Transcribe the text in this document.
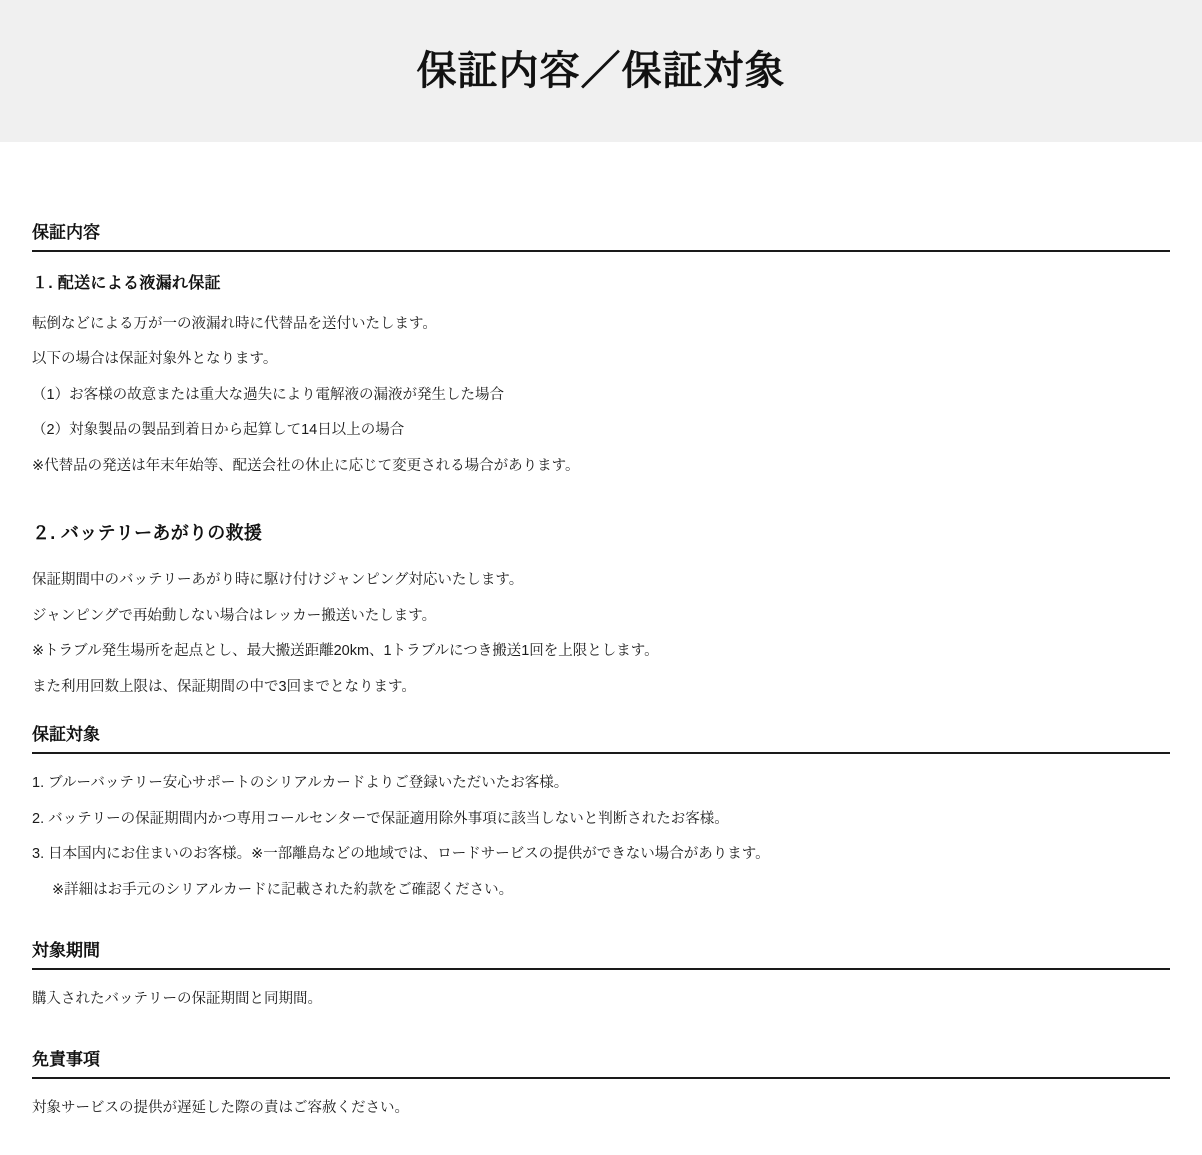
保証内容／保証対象
保証内容
１. 配送による液漏れ保証

転倒などによる万が一の液漏れ時に代替品を送付いたします。

以下の場合は保証対象外となります。

（1）お客様の故意または重大な過失により電解液の漏液が発生した場合

（2）対象製品の製品到着日から起算して14日以上の場合

※代替品の発送は年末年始等、配送会社の休止に応じて変更される場合があります。

２. バッテリーあがりの救援

保証期間中のバッテリーあがり時に駆け付けジャンピング対応いたします。

ジャンピングで再始動しない場合はレッカー搬送いたします。

※トラブル発生場所を起点とし、最大搬送距離20km、1トラブルにつき搬送1回を上限とします。

また利用回数上限は、保証期間の中で3回までとなります。

保証対象
1. ブルーバッテリー安心サポートのシリアルカードよりご登録いただいたお客様。
2. バッテリーの保証期間内かつ専用コールセンターで保証適用除外事項に該当しないと判断されたお客様。
3. 日本国内にお住まいのお客様。※一部離島などの地域では、ロードサービスの提供ができない場合があります。
※詳細はお手元のシリアルカードに記載された約款をご確認ください。
対象期間

購入されたバッテリーの保証期間と同期間。

免責事項

対象サービスの提供が遅延した際の責はご容赦ください。
